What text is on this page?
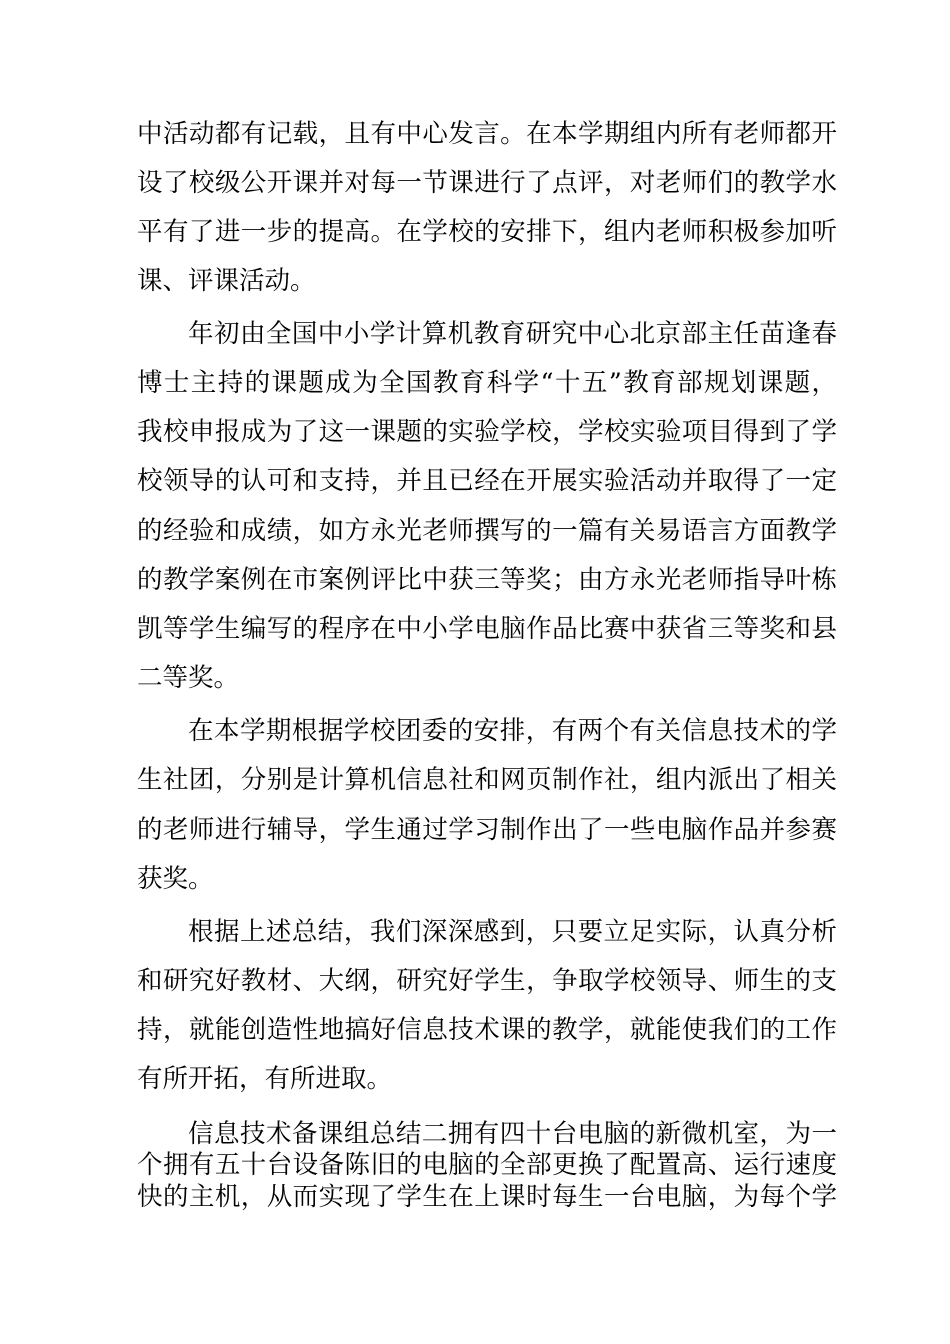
中活动都有记载，且有中心发言。在本学期组内所有老师都开
设了校级公开课并对每一节课进行了点评，对老师们的教学水
平有了进一步的提高。在学校的安排下，组内老师积极参加听
课、评课活动。
年初由全国中小学计算机教育研究中心北京部主任苗逢春
博士主持的课题成为全国教育科学“十五”教育部规划课题，
我校申报成为了这一课题的实验学校，学校实验项目得到了学
校领导的认可和支持，并且已经在开展实验活动并取得了一定
的经验和成绩，如方永光老师撰写的一篇有关易语言方面教学
的教学案例在市案例评比中获三等奖；由方永光老师指导叶栋
凯等学生编写的程序在中小学电脑作品比赛中获省三等奖和县
二等奖。
在本学期根据学校团委的安排，有两个有关信息技术的学
生社团，分别是计算机信息社和网页制作社，组内派出了相关
的老师进行辅导，学生通过学习制作出了一些电脑作品并参赛
获奖。
根据上述总结，我们深深感到，只要立足实际，认真分析
和研究好教材、大纲，研究好学生，争取学校领导、师生的支
持，就能创造性地搞好信息技术课的教学，就能使我们的工作
有所开拓，有所进取。
信息技术备课组总结二拥有四十台电脑的新微机室，为一
个拥有五十台设备陈旧的电脑的全部更换了配置高、运行速度
快的主机，从而实现了学生在上课时每生一台电脑，为每个学
